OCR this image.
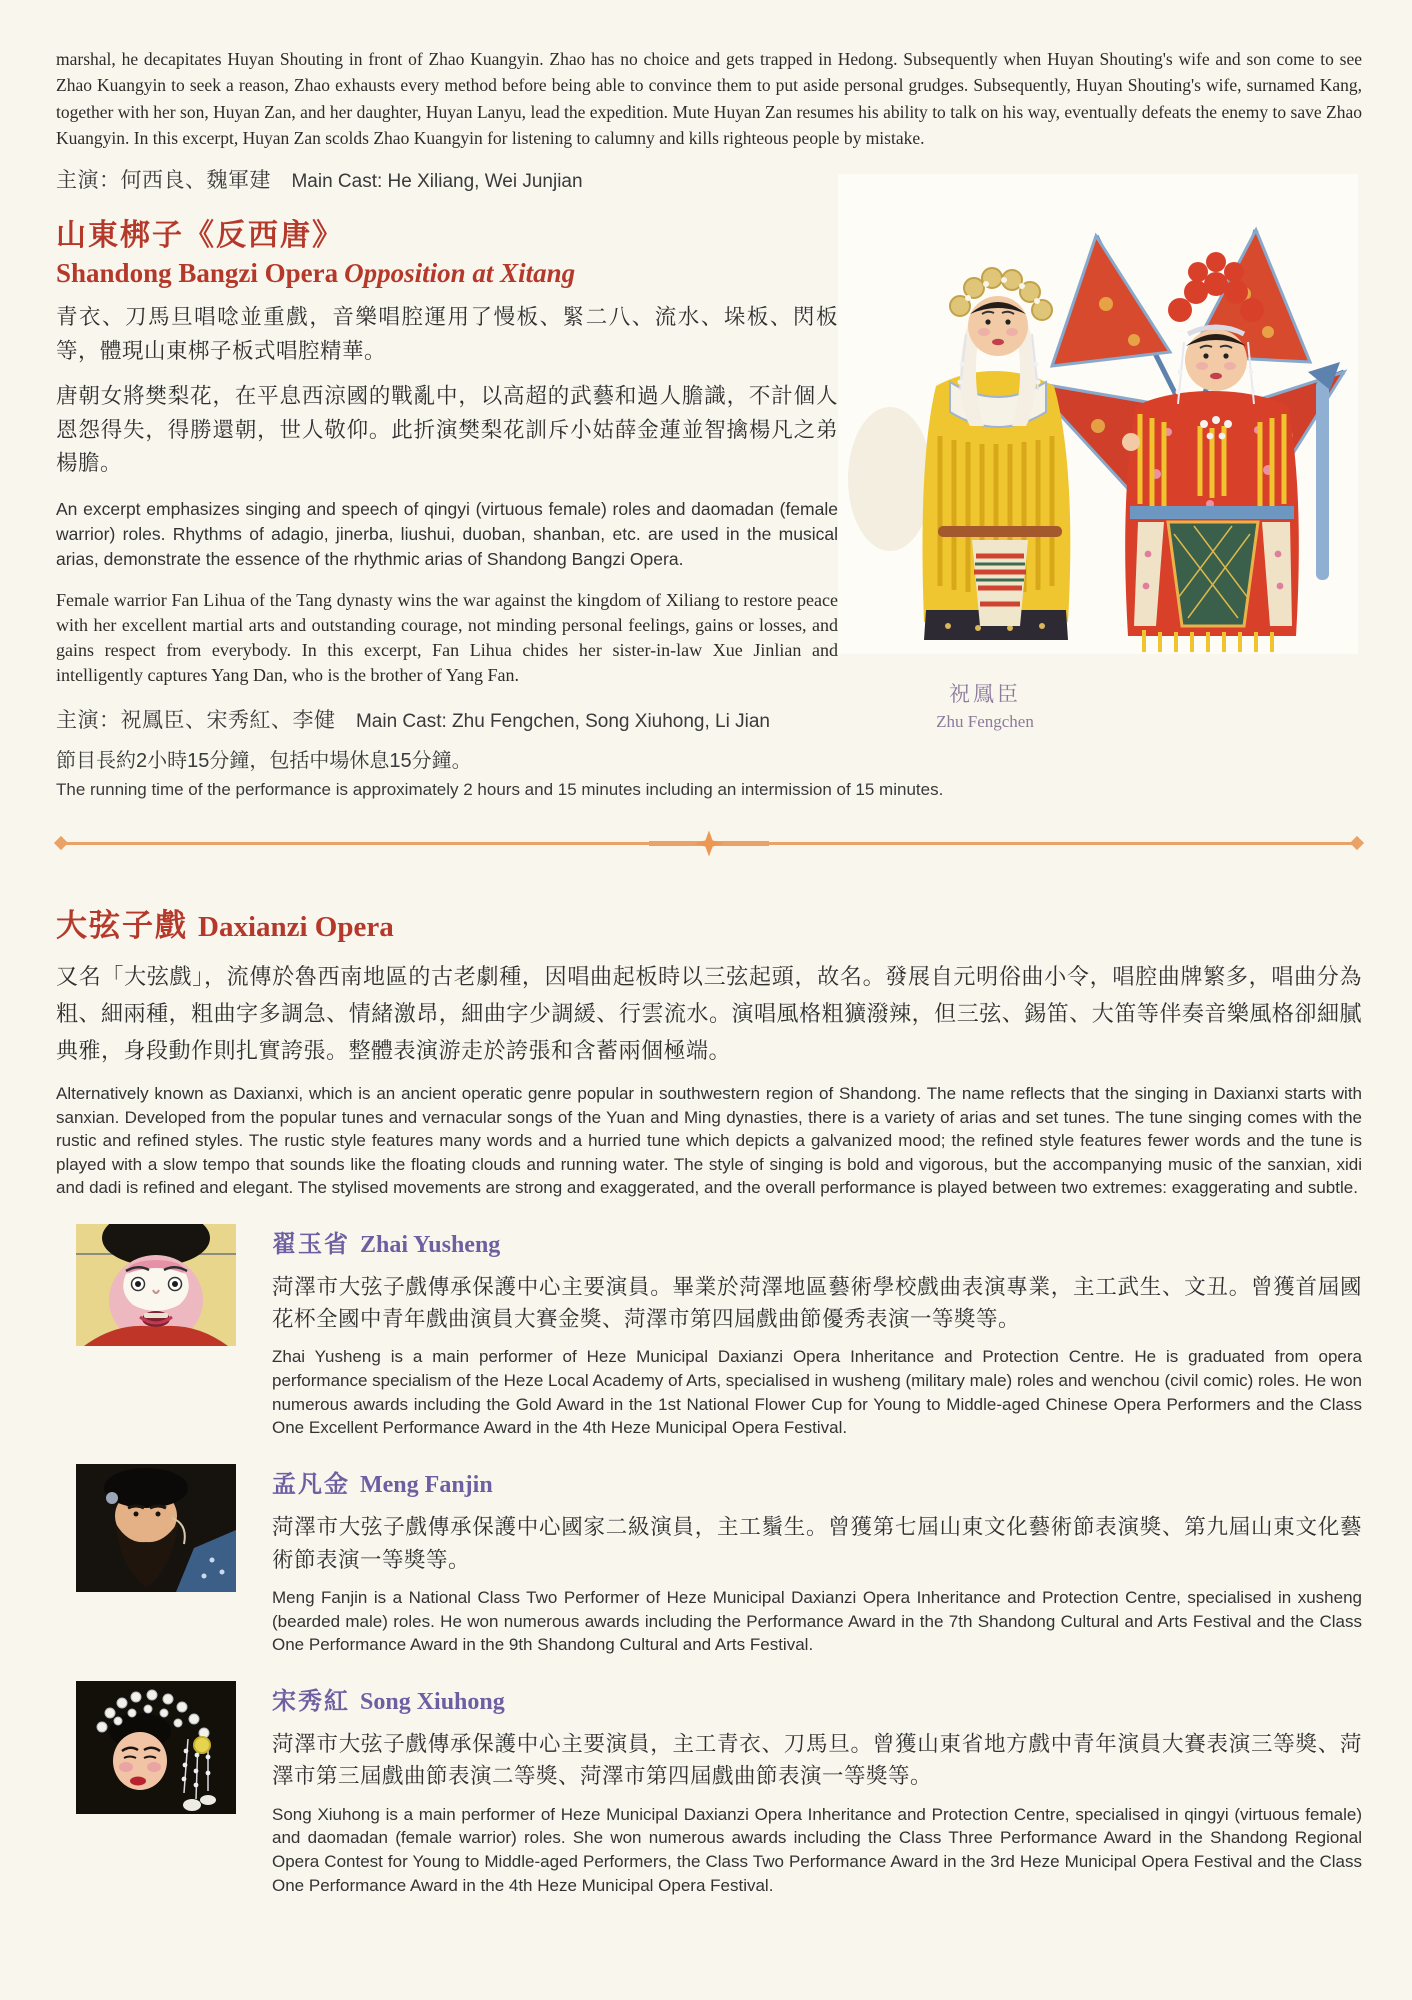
marshal, he decapitates Huyan Shouting in front of Zhao Kuangyin. Zhao has no choice and gets trapped in Hedong. Subsequently when Huyan Shouting's wife and son come to see Zhao Kuangyin to seek a reason, Zhao exhausts every method before being able to convince them to put aside personal grudges. Subsequently, Huyan Shouting's wife, surnamed Kang, together with her son, Huyan Zan, and her daughter, Huyan Lanyu, lead the expedition. Mute Huyan Zan resumes his ability to talk on his way, eventually defeats the enemy to save Zhao Kuangyin. In this excerpt, Huyan Zan scolds Zhao Kuangyin for listening to calumny and kills righteous people by mistake.

主演：何西良、魏軍建 Main Cast: He Xiliang, Wei Junjian

山東梆子《反西唐》
Shandong Bangzi Opera Opposition at Xitang

青衣、刀馬旦唱唸並重戲，音樂唱腔運用了慢板、緊二八、流水、垛板、閃板等，體現山東梆子板式唱腔精華。

唐朝女將樊梨花，在平息西涼國的戰亂中，以高超的武藝和過人膽識，不計個人恩怨得失，得勝還朝，世人敬仰。此折演樊梨花訓斥小姑薛金蓮並智擒楊凡之弟楊膽。

An excerpt emphasizes singing and speech of qingyi (virtuous female) roles and daomadan (female warrior) roles. Rhythms of adagio, jinerba, liushui, duoban, shanban, etc. are used in the musical arias, demonstrate the essence of the rhythmic arias of Shandong Bangzi Opera.

Female warrior Fan Lihua of the Tang dynasty wins the war against the kingdom of Xiliang to restore peace with her excellent martial arts and outstanding courage, not minding personal feelings, gains or losses, and gains respect from everybody. In this excerpt, Fan Lihua chides her sister-in-law Xue Jinlian and intelligently captures Yang Dan, who is the brother of Yang Fan.

主演：祝鳳臣、宋秀紅、李健 Main Cast: Zhu Fengchen, Song Xiuhong, Li Jian

祝鳳臣
Zhu Fengchen

節目長約2小時15分鐘，包括中場休息15分鐘。

The running time of the performance is approximately 2 hours and 15 minutes including an intermission of 15 minutes.

大弦子戲 Daxianzi Opera

又名「大弦戲」，流傳於魯西南地區的古老劇種，因唱曲起板時以三弦起頭，故名。發展自元明俗曲小令，唱腔曲牌繁多，唱曲分為粗、細兩種，粗曲字多調急、情緒激昂，細曲字少調緩、行雲流水。演唱風格粗獷潑辣，但三弦、錫笛、大笛等伴奏音樂風格卻細膩典雅，身段動作則扎實誇張。整體表演游走於誇張和含蓄兩個極端。

Alternatively known as Daxianxi, which is an ancient operatic genre popular in southwestern region of Shandong. The name reflects that the singing in Daxianxi starts with sanxian. Developed from the popular tunes and vernacular songs of the Yuan and Ming dynasties, there is a variety of arias and set tunes. The tune singing comes with the rustic and refined styles. The rustic style features many words and a hurried tune which depicts a galvanized mood; the refined style features fewer words and the tune is played with a slow tempo that sounds like the floating clouds and running water. The style of singing is bold and vigorous, but the accompanying music of the sanxian, xidi and dadi is refined and elegant. The stylised movements are strong and exaggerated, and the overall performance is played between two extremes: exaggerating and subtle.

翟玉省 Zhai Yusheng

菏澤市大弦子戲傳承保護中心主要演員。畢業於菏澤地區藝術學校戲曲表演專業，主工武生、文丑。曾獲首屆國花杯全國中青年戲曲演員大賽金獎、菏澤市第四屆戲曲節優秀表演一等獎等。

Zhai Yusheng is a main performer of Heze Municipal Daxianzi Opera Inheritance and Protection Centre. He is graduated from opera performance specialism of the Heze Local Academy of Arts, specialised in wusheng (military male) roles and wenchou (civil comic) roles. He won numerous awards including the Gold Award in the 1st National Flower Cup for Young to Middle-aged Chinese Opera Performers and the Class One Excellent Performance Award in the 4th Heze Municipal Opera Festival.

孟凡金 Meng Fanjin

菏澤市大弦子戲傳承保護中心國家二級演員，主工鬚生。曾獲第七屆山東文化藝術節表演獎、第九屆山東文化藝術節表演一等獎等。

Meng Fanjin is a National Class Two Performer of Heze Municipal Daxianzi Opera Inheritance and Protection Centre, specialised in xusheng (bearded male) roles. He won numerous awards including the Performance Award in the 7th Shandong Cultural and Arts Festival and the Class One Performance Award in the 9th Shandong Cultural and Arts Festival.

宋秀紅 Song Xiuhong

菏澤市大弦子戲傳承保護中心主要演員，主工青衣、刀馬旦。曾獲山東省地方戲中青年演員大賽表演三等獎、菏澤市第三屆戲曲節表演二等獎、菏澤市第四屆戲曲節表演一等獎等。

Song Xiuhong is a main performer of Heze Municipal Daxianzi Opera Inheritance and Protection Centre, specialised in qingyi (virtuous female) and daomadan (female warrior) roles. She won numerous awards including the Class Three Performance Award in the Shandong Regional Opera Contest for Young to Middle-aged Performers, the Class Two Performance Award in the 3rd Heze Municipal Opera Festival and the Class One Performance Award in the 4th Heze Municipal Opera Festival.
